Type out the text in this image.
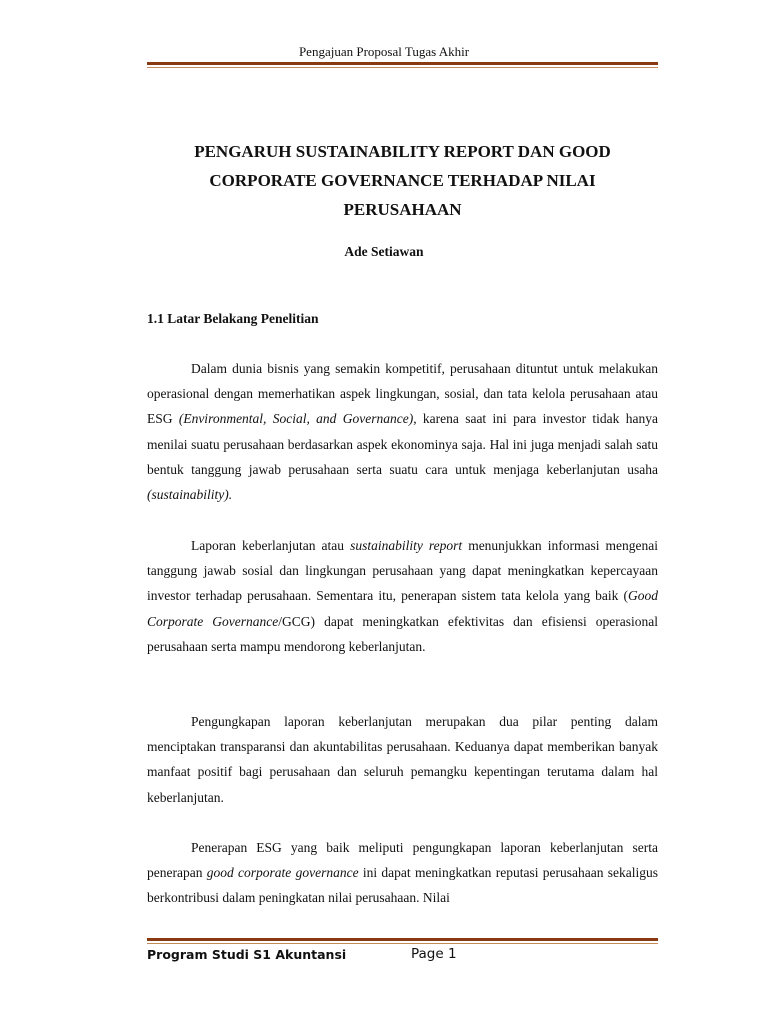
Pengajuan Proposal Tugas Akhir
PENGARUH SUSTAINABILITY REPORT DAN GOOD
CORPORATE GOVERNANCE TERHADAP NILAI
PERUSAHAAN
Ade Setiawan
1.1 Latar Belakang Penelitian

Dalam dunia bisnis yang semakin kompetitif, perusahaan dituntut untuk melakukan operasional dengan memerhatikan aspek lingkungan, sosial, dan tata kelola perusahaan atau ESG (Environmental, Social, and Governance), karena saat ini para investor tidak hanya menilai suatu perusahaan berdasarkan aspek ekonominya saja. Hal ini juga menjadi salah satu bentuk tanggung jawab perusahaan serta suatu cara untuk menjaga keberlanjutan usaha (sustainability).

Laporan keberlanjutan atau sustainability report menunjukkan informasi mengenai tanggung jawab sosial dan lingkungan perusahaan yang dapat meningkatkan kepercayaan investor terhadap perusahaan. Sementara itu, penerapan sistem tata kelola yang baik (Good Corporate Governance/GCG) dapat meningkatkan efektivitas dan efisiensi operasional perusahaan serta mampu mendorong keberlanjutan.

Pengungkapan laporan keberlanjutan merupakan dua pilar penting dalam menciptakan transparansi dan akuntabilitas perusahaan. Keduanya dapat memberikan banyak manfaat positif bagi perusahaan dan seluruh pemangku kepentingan terutama dalam hal keberlanjutan.

Penerapan ESG yang baik meliputi pengungkapan laporan keberlanjutan serta penerapan good corporate governance ini dapat meningkatkan reputasi perusahaan sekaligus berkontribusi dalam peningkatan nilai perusahaan. Nilai

Program Studi S1 Akuntansi	Page 1
